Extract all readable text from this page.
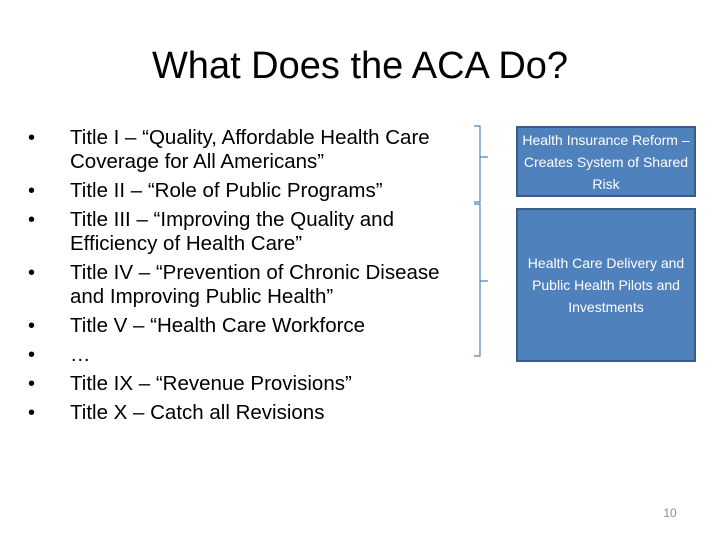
What Does the ACA Do?
•	Title I – “Quality, Affordable Health Care Coverage for All Americans”
•	Title II – “Role of Public Programs”
•	Title III – “Improving the Quality and Efficiency of Health Care”
•	Title IV – “Prevention of Chronic Disease and Improving Public Health”
•	Title V – “Health Care Workforce
•	…
•	Title IX – “Revenue Provisions”
•	Title X – Catch all Revisions
Health Insurance Reform – Creates System of Shared Risk
Health Care Delivery and Public Health Pilots and Investments
10
